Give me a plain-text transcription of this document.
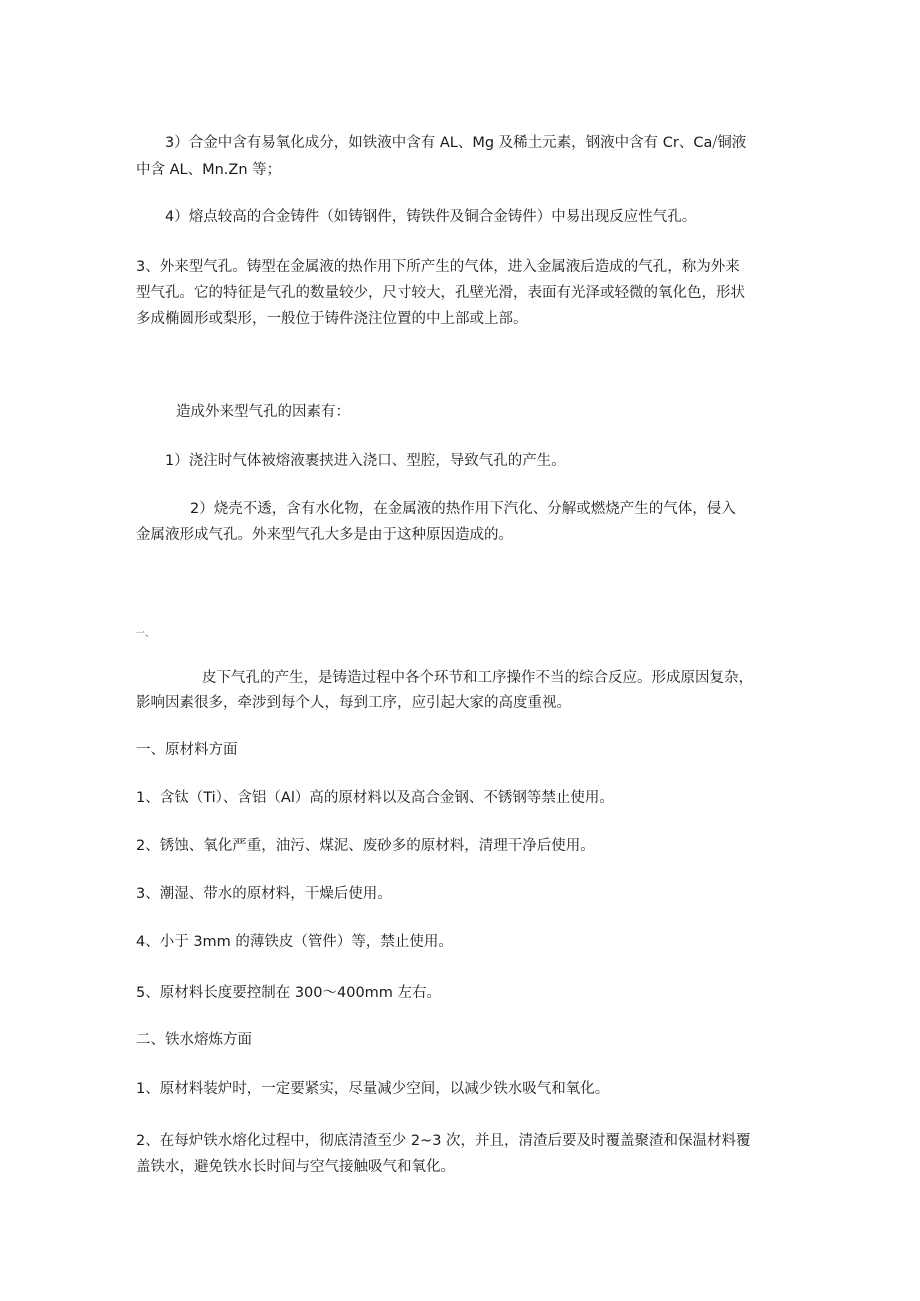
3）合金中含有易氧化成分，如铁液中含有 AL、Mg 及稀土元素，钢液中含有 Cr、Ca⧸铜液
中含 AL、Mn.Zn 等；
4）熔点较高的合金铸件（如铸钢件，铸铁件及铜合金铸件）中易出现反应性气孔。
3、外来型气孔。铸型在金属液的热作用下所产生的气体，进入金属液后造成的气孔，称为外来
型气孔。它的特征是气孔的数量较少，尺寸较大，孔壁光滑，表面有光泽或轻微的氧化色，形状
多成椭圆形或梨形，一般位于铸件浇注位置的中上部或上部。
造成外来型气孔的因素有：
1）浇注时气体被熔液裹挟进入浇口、型腔，导致气孔的产生。
2）烧壳不透，含有水化物，在金属液的热作用下汽化、分解或燃烧产生的气体，侵入
金属液形成气孔。外来型气孔大多是由于这种原因造成的。
一、
皮下气孔的产生，是铸造过程中各个环节和工序操作不当的综合反应。形成原因复杂，
影响因素很多，牵涉到每个人，每到工序，应引起大家的高度重视。
一、原材料方面
1、含钛（Ti）、含铝（Al）高的原材料以及高合金钢、不锈钢等禁止使用。
2、锈蚀、氧化严重，油污、煤泥、废砂多的原材料，清理干净后使用。
3、潮湿、带水的原材料，干燥后使用。
4、小于 3mm 的薄铁皮（管件）等，禁止使用。
5、原材料长度要控制在 300～400mm 左右。
二、铁水熔炼方面
1、原材料装炉时，一定要紧实，尽量减少空间，以减少铁水吸气和氧化。
2、在每炉铁水熔化过程中，彻底清渣至少 2~3 次，并且，清渣后要及时覆盖聚渣和保温材料覆
盖铁水，避免铁水长时间与空气接触吸气和氧化。
